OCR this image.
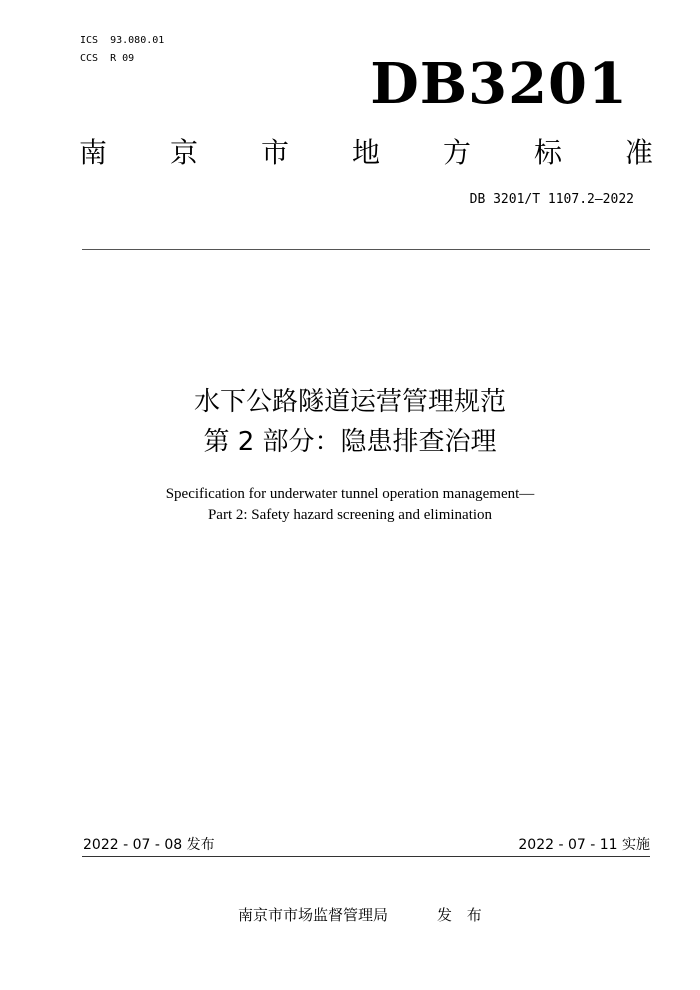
ICS  93.080.01
CCS  R 09	DB3201
南 京 市 地 方 标 准
DB 3201/T 1107.2—2022
水下公路隧道运营管理规范
第 2 部分：隐患排查治理
Specification for underwater tunnel operation management—
Part 2: Safety hazard screening and elimination
2022 - 07 - 08 发布	2022 - 07 - 11 实施
南京市市场监督管理局	发 布
